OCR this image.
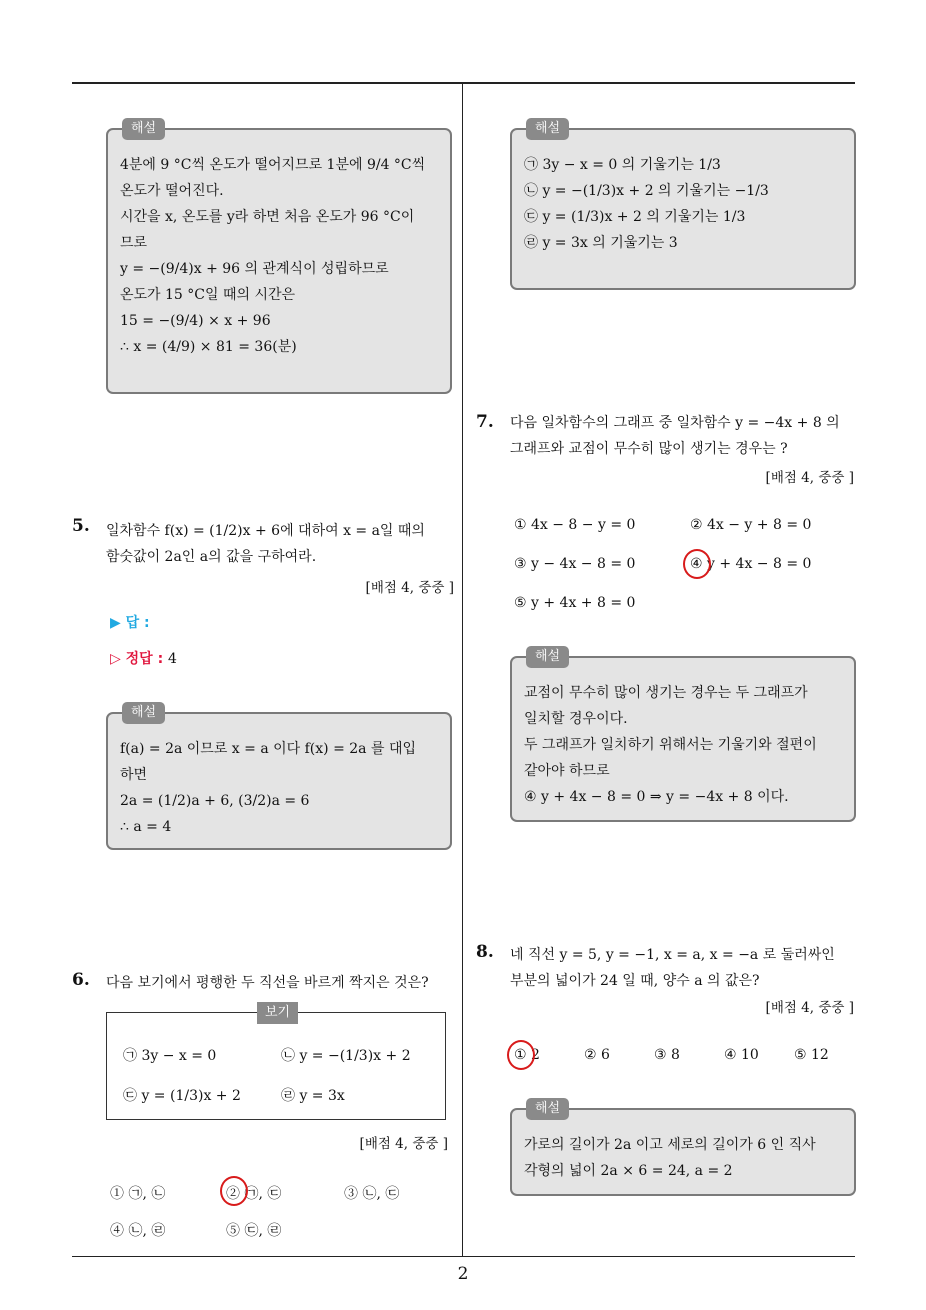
해설
4분에 9 °C씩 온도가 떨어지므로 1분에 9/4 °C씩
온도가 떨어진다.
시간을 x, 온도를 y라 하면 처음 온도가 96 °C이
므로
y = −(9/4)x + 96 의 관계식이 성립하므로
온도가 15 °C일 때의 시간은
15 = −(9/4) × x + 96
∴ x = (4/9) × 81 = 36(분)
5. 일차함수 f(x) = (1/2)x + 6에 대하여 x = a일 때의
함숫값이 2a인 a의 값을 구하여라.
[배점 4, 중중 ]
▶ 답 :
▷ 정답 : 4
해설
f(a) = 2a 이므로 x = a 이다 f(x) = 2a 를 대입
하면
2a = (1/2)a + 6, (3/2)a = 6
∴ a = 4
6. 다음 보기에서 평행한 두 직선을 바르게 짝지은 것은?
보기
㉠ 3y − x = 0	㉡ y = −(1/3)x + 2
㉢ y = (1/3)x + 2	㉣ y = 3x
[배점 4, 중중 ]
① ㉠, ㉡	② ㉠, ㉢	③ ㉡, ㉢
④ ㉡, ㉣	⑤ ㉢, ㉣
해설
㉠ 3y − x = 0 의 기울기는 1/3
㉡ y = −(1/3)x + 2 의 기울기는 −1/3
㉢ y = (1/3)x + 2 의 기울기는 1/3
㉣ y = 3x 의 기울기는 3
7. 다음 일차함수의 그래프 중 일차함수 y = −4x + 8 의
그래프와 교점이 무수히 많이 생기는 경우는 ?
[배점 4, 중중 ]
① 4x − 8 − y = 0	② 4x − y + 8 = 0
③ y − 4x − 8 = 0	④ y + 4x − 8 = 0
⑤ y + 4x + 8 = 0
해설
교점이 무수히 많이 생기는 경우는 두 그래프가
일치할 경우이다.
두 그래프가 일치하기 위해서는 기울기와 절편이
같아야 하므로
④ y + 4x − 8 = 0 ⇒ y = −4x + 8 이다.
8. 네 직선 y = 5, y = −1, x = a, x = −a 로 둘러싸인
부분의 넓이가 24 일 때, 양수 a 의 값은?
[배점 4, 중중 ]
① 2	② 6	③ 8	④ 10	⑤ 12
해설
가로의 길이가 2a 이고 세로의 길이가 6 인 직사
각형의 넓이 2a × 6 = 24, a = 2
2
